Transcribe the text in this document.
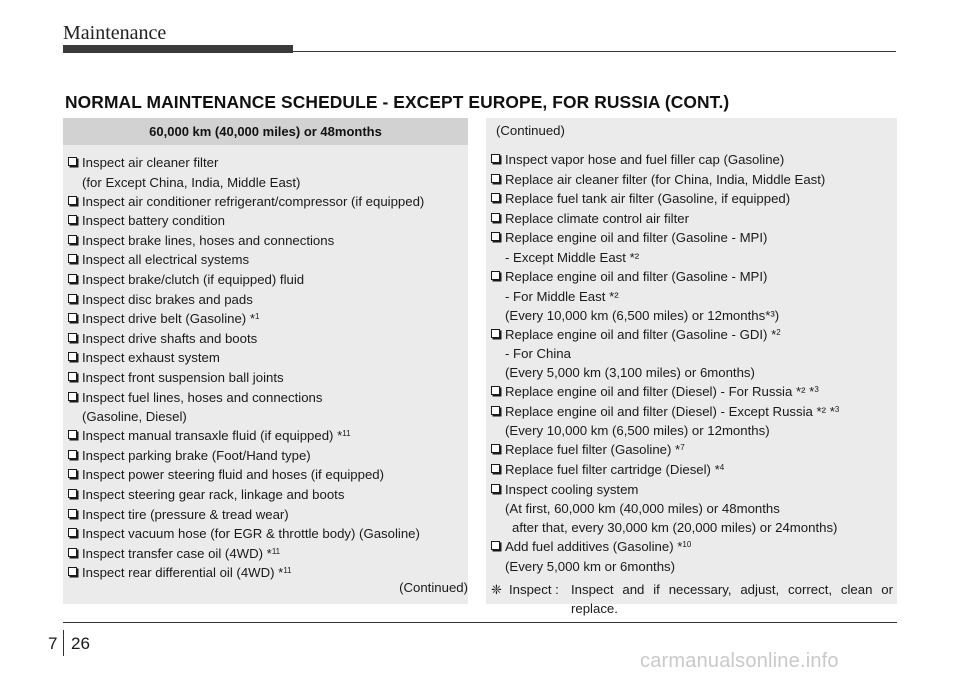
Maintenance
NORMAL MAINTENANCE SCHEDULE - EXCEPT EUROPE, FOR RUSSIA (CONT.)
60,000 km (40,000 miles) or 48months
Inspect air cleaner filter
(for Except China, India, Middle East)
Inspect air conditioner refrigerant/compressor (if equipped)
Inspect battery condition
Inspect brake lines, hoses and connections
Inspect all electrical systems
Inspect brake/clutch (if equipped) fluid
Inspect disc brakes and pads
Inspect drive belt (Gasoline) *$^1$
Inspect drive shafts and boots
Inspect exhaust system
Inspect front suspension ball joints
Inspect fuel lines, hoses and connections
(Gasoline, Diesel)
Inspect manual transaxle fluid (if equipped) *$^{11}$
Inspect parking brake (Foot/Hand type)
Inspect power steering fluid and hoses (if equipped)
Inspect steering gear rack, linkage and boots
Inspect tire (pressure & tread wear)
Inspect vacuum hose (for EGR & throttle body) (Gasoline)
Inspect transfer case oil (4WD) *$^{11}$
Inspect rear differential oil (4WD) *$^{11}$
(Continued)
(Continued)
Inspect vapor hose and fuel filler cap (Gasoline)
Replace air cleaner filter (for China, India, Middle East)
Replace fuel tank air filter (Gasoline, if equipped)
Replace climate control air filter
Replace engine oil and filter (Gasoline - MPI)
- Except Middle East *²
Replace engine oil and filter (Gasoline - MPI)
- For Middle East *²
(Every 10,000 km (6,500 miles) or 12months*³)
Replace engine oil and filter (Gasoline - GDI) *$^2$
- For China
(Every 5,000 km (3,100 miles) or 6months)
Replace engine oil and filter (Diesel) - For Russia *² *$^3$
Replace engine oil and filter (Diesel) - Except Russia *² *$^3$
(Every 10,000 km (6,500 miles) or 12months)
Replace fuel filter (Gasoline) *$^7$
Replace fuel filter cartridge (Diesel) *$^4$
Inspect cooling system
(At first, 60,000 km (40,000 miles) or 48months
after that, every 30,000 km (20,000 miles) or 24months)
Add fuel additives (Gasoline) *$^{10}$
(Every 5,000 km or 6months)
❈ Inspect : Inspect and if necessary, adjust, correct, clean or replace.
7 26
carmanualsonline.info
